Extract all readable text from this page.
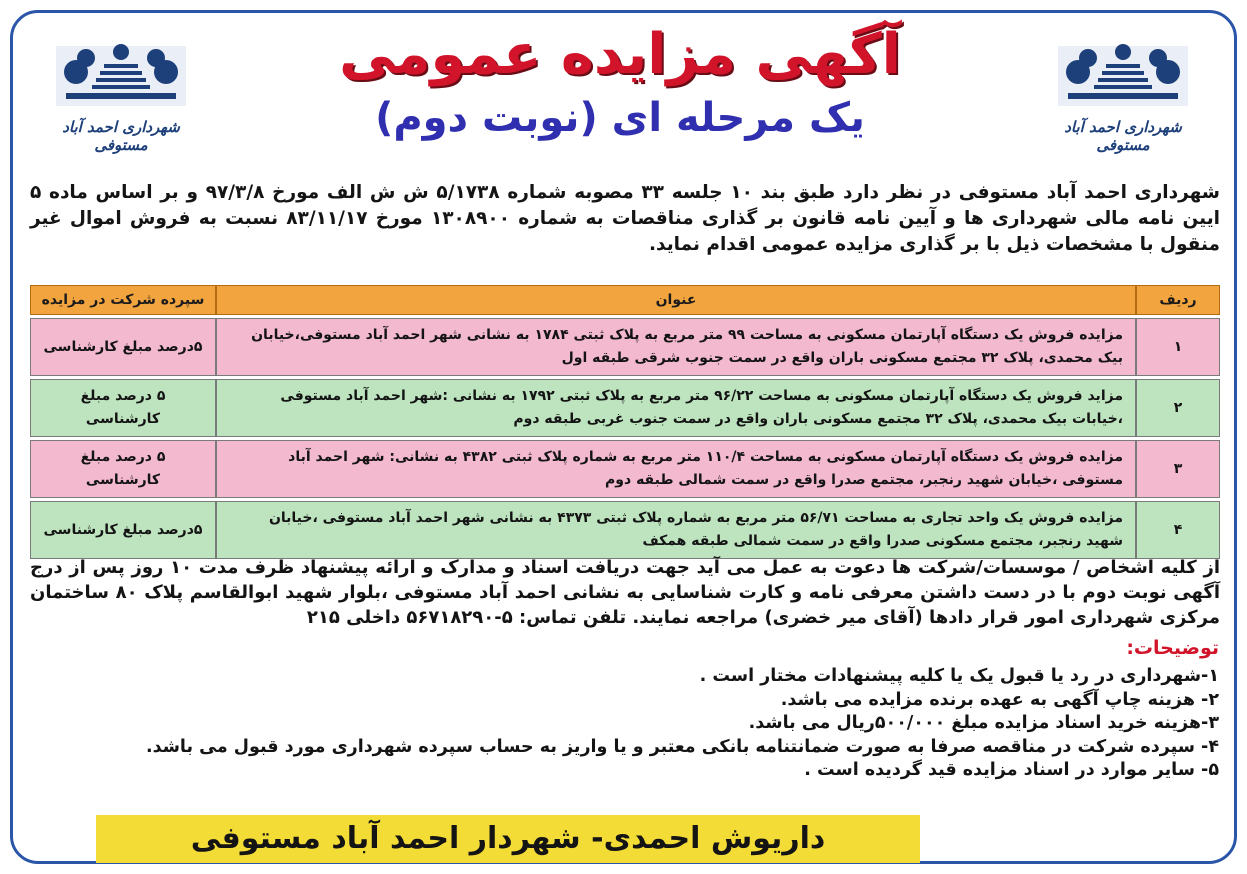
شهرداری احمد آباد مستوفی
شهرداری احمد آباد مستوفی
آگهی مزایده عمومی
یک مرحله ای (نوبت دوم)
شهرداری احمد آباد مستوفی در نظر دارد طبق بند ۱۰ جلسه ۳۳ مصوبه شماره ۵/۱۷۳۸ ش ش الف مورخ ۹۷/۳/۸ و بر اساس ماده ۵ ایین نامه مالی شهرداری ها و آیین نامه قانون بر گذاری مناقصات به شماره ۱۳۰۸۹۰۰ مورخ ۸۳/۱۱/۱۷ نسبت به فروش اموال غیر منقول با مشخصات ذیل با بر گذاری مزایده عمومی اقدام نماید.
ردیف	عنوان	سپرده شرکت در مزایده
۱	مزایده فروش یک دستگاه آپارتمان مسکونی به مساحت ۹۹ متر مربع به پلاک ثبتی ۱۷۸۴ به نشانی شهر احمد آباد مستوفی،خیابان بیک محمدی، پلاک ۳۲ مجتمع مسکونی باران واقع در سمت جنوب شرقی طبقه اول	۵درصد مبلغ کارشناسی
۲	مزاید فروش یک دستگاه آپارتمان مسکونی به مساحت ۹۶/۲۲ متر مربع به پلاک ثبتی ۱۷۹۲ به نشانی :شهر احمد آباد مستوفی ،خیابات بیک محمدی، پلاک ۳۲ مجتمع مسکونی باران واقع در سمت جنوب غربی طبقه دوم	۵ درصد مبلغ کارشناسی
۳	مزایده فروش یک دستگاه آپارتمان مسکونی به مساحت ۱۱۰/۴ متر مربع به شماره پلاک ثبتی ۴۳۸۲ به نشانی: شهر احمد آباد مستوفی ،خیابان شهید رنجبر، مجتمع صدرا واقع در سمت شمالی طبقه دوم	۵ درصد مبلغ کارشناسی
۴	مزایده فروش یک واحد تجاری به مساحت ۵۶/۷۱ متر مربع به شماره پلاک ثبتی ۴۳۷۳ به نشانی شهر احمد آباد مستوفی ،خیابان شهید رنجبر، مجتمع مسکونی صدرا واقع در سمت شمالی طبقه همکف	۵درصد مبلغ کارشناسی
از کلیه اشخاص / موسسات/شرکت ها دعوت به عمل می آید جهت دریافت اسناد و مدارک و ارائه پیشنهاد ظرف مدت ۱۰ روز پس از درج آگهی نوبت دوم با در دست داشتن معرفی نامه و کارت شناسایی به نشانی احمد آباد مستوفی ،بلوار شهید ابوالقاسم پلاک ۸۰ ساختمان مرکزی شهرداری امور قرار دادها (آقای میر خضری) مراجعه نمایند. تلفن تماس: ۵-۵۶۷۱۸۲۹۰ داخلی ۲۱۵
توضیحات:
۱-شهرداری در رد یا قبول یک یا کلیه پیشنهادات مختار است .
۲- هزینه چاپ آگهی به عهده برنده مزایده می باشد.
۳-هزینه خرید اسناد مزایده مبلغ ۵۰۰/۰۰۰ریال می باشد.
۴- سپرده شرکت در مناقصه صرفا به صورت ضمانتنامه بانکی معتبر و یا واریز به حساب سپرده شهرداری مورد قبول می باشد.
۵- سایر موارد در اسناد مزایده قید گردیده است .
داریوش احمدی- شهردار احمد آباد مستوفی
